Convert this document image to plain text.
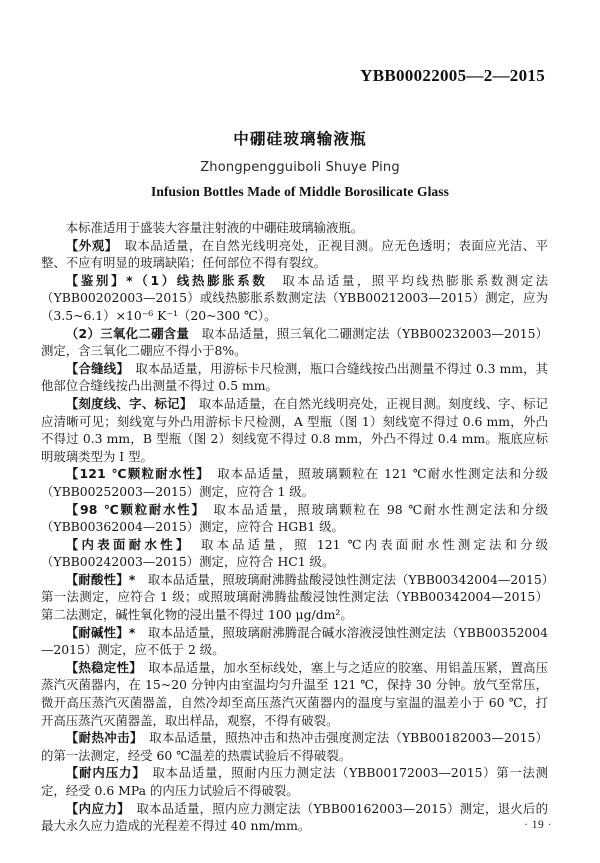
YBB00022005—2—2015
中硼硅玻璃输液瓶
Zhongpengguiboli Shuye Ping
Infusion Bottles Made of Middle Borosilicate Glass

本标准适用于盛装大容量注射液的中硼硅玻璃输液瓶。

【外观】　取本品适量，在自然光线明亮处，正视目测。应无色透明；表面应光洁、平整、不应有明显的玻璃缺陷；任何部位不得有裂纹。

【鉴别】*（1）线热膨胀系数　取本品适量，照平均线热膨胀系数测定法（YBB00202003—2015）或线热膨胀系数测定法（YBB00212003—2015）测定，应为（3.5~6.1）×10⁻⁶ K⁻¹（20~300 ℃）。

（2）三氧化二硼含量　取本品适量，照三氧化二硼测定法（YBB00232003—2015）测定，含三氧化二硼应不得小于8%。

【合缝线】　取本品适量，用游标卡尺检测，瓶口合缝线按凸出测量不得过 0.3 mm，其他部位合缝线按凸出测量不得过 0.5 mm。

【刻度线、字、标记】　取本品适量，在自然光线明亮处，正视目测。刻度线、字、标记应清晰可见；刻线宽与外凸用游标卡尺检测，A 型瓶（图 1）刻线宽不得过 0.6 mm，外凸不得过 0.3 mm，B 型瓶（图 2）刻线宽不得过 0.8 mm，外凸不得过 0.4 mm。瓶底应标明玻璃类型为 I 型。

【121 ℃颗粒耐水性】　取本品适量，照玻璃颗粒在 121 ℃耐水性测定法和分级（YBB00252003—2015）测定，应符合 1 级。

【98 ℃颗粒耐水性】　取本品适量，照玻璃颗粒在 98 ℃耐水性测定法和分级（YBB00362004—2015）测定，应符合 HGB1 级。

【内表面耐水性】　取本品适量，照 121 ℃内表面耐水性测定法和分级（YBB00242003—2015）测定，应符合 HC1 级。

【耐酸性】*　取本品适量，照玻璃耐沸腾盐酸浸蚀性测定法（YBB00342004—2015）第一法测定，应符合 1 级；或照玻璃耐沸腾盐酸浸蚀性测定法（YBB00342004—2015）第二法测定，碱性氧化物的浸出量不得过 100 μg/dm²。

【耐碱性】*　取本品适量，照玻璃耐沸腾混合碱水溶液浸蚀性测定法（YBB00352004—2015）测定，应不低于 2 级。

【热稳定性】　取本品适量，加水至标线处，塞上与之适应的胶塞、用铝盖压紧，置高压蒸汽灭菌器内，在 15~20 分钟内由室温均匀升温至 121 ℃，保持 30 分钟。放气至常压，微开高压蒸汽灭菌器盖，自然冷却至高压蒸汽灭菌器内的温度与室温的温差小于 60 ℃，打开高压蒸汽灭菌器盖，取出样品，观察，不得有破裂。

【耐热冲击】　取本品适量，照热冲击和热冲击强度测定法（YBB00182003—2015）的第一法测定，经受 60 ℃温差的热震试验后不得破裂。

【耐内压力】　取本品适量，照耐内压力测定法（YBB00172003—2015）第一法测定，经受 0.6 MPa 的内压力试验后不得破裂。

【内应力】　取本品适量，照内应力测定法（YBB00162003—2015）测定，退火后的最大永久应力造成的光程差不得过 40 nm/mm。	· 19 ·
